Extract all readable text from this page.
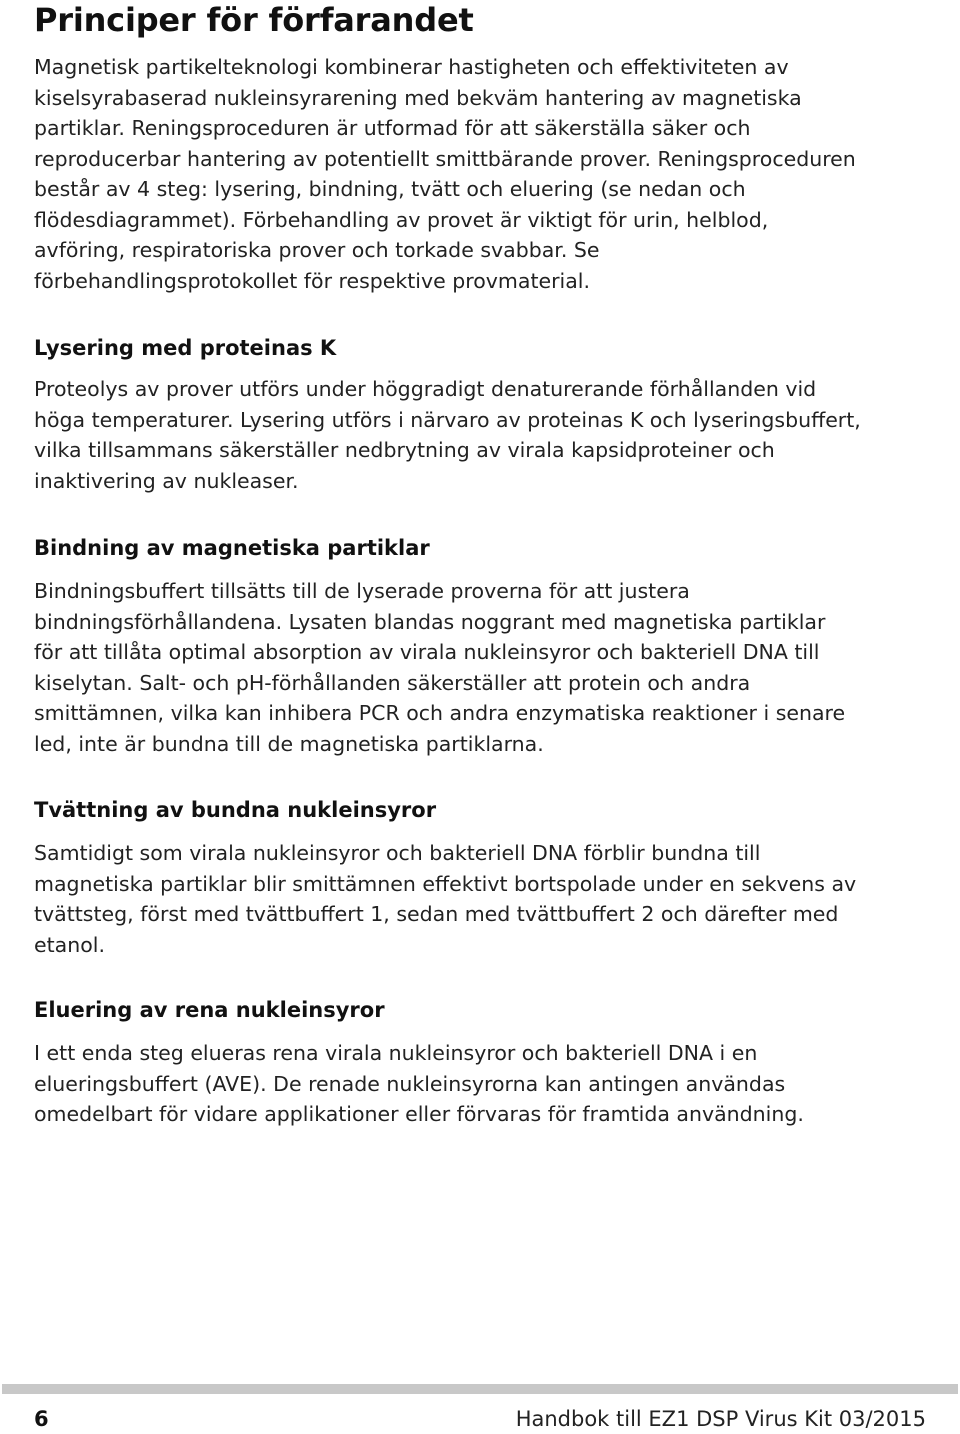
Principer för förfarandet

Magnetisk partikelteknologi kombinerar hastigheten och effektiviteten av
kiselsyrabaserad nukleinsyrarening med bekväm hantering av magnetiska
partiklar. Reningsproceduren är utformad för att säkerställa säker och
reproducerbar hantering av potentiellt smittbärande prover. Reningsproceduren
består av 4 steg: lysering, bindning, tvätt och eluering (se nedan och
flödesdiagrammet). Förbehandling av provet är viktigt för urin, helblod,
avföring, respiratoriska prover och torkade svabbar. Se
förbehandlingsprotokollet för respektive provmaterial.

Lysering med proteinas K

Proteolys av prover utförs under höggradigt denaturerande förhållanden vid
höga temperaturer. Lysering utförs i närvaro av proteinas K och lyseringsbuffert,
vilka tillsammans säkerställer nedbrytning av virala kapsidproteiner och
inaktivering av nukleaser.

Bindning av magnetiska partiklar

Bindningsbuffert tillsätts till de lyserade proverna för att justera
bindningsförhållandena. Lysaten blandas noggrant med magnetiska partiklar
för att tillåta optimal absorption av virala nukleinsyror och bakteriell DNA till
kiselytan. Salt- och pH-förhållanden säkerställer att protein och andra
smittämnen, vilka kan inhibera PCR och andra enzymatiska reaktioner i senare
led, inte är bundna till de magnetiska partiklarna.

Tvättning av bundna nukleinsyror

Samtidigt som virala nukleinsyror och bakteriell DNA förblir bundna till
magnetiska partiklar blir smittämnen effektivt bortspolade under en sekvens av
tvättsteg, först med tvättbuffert 1, sedan med tvättbuffert 2 och därefter med
etanol.

Eluering av rena nukleinsyror

I ett enda steg elueras rena virala nukleinsyror och bakteriell DNA i en
elueringsbuffert (AVE). De renade nukleinsyrorna kan antingen användas
omedelbart för vidare applikationer eller förvaras för framtida användning.

6	Handbok till EZ1 DSP Virus Kit 03/2015
